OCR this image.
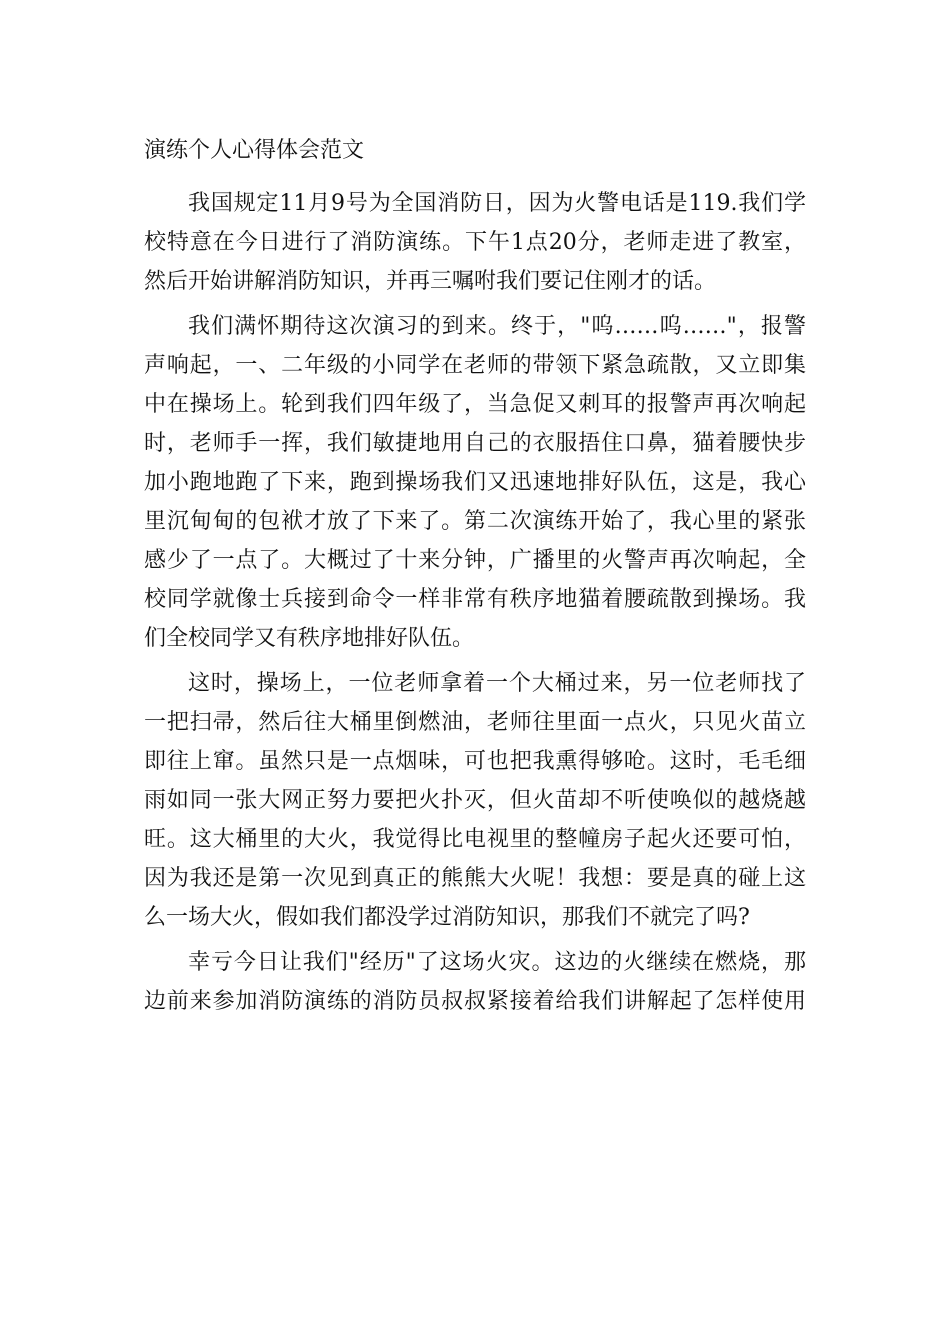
演练个人心得体会范文
我国规定11月9号为全国消防日，因为火警电话是119.我们学
校特意在今日进行了消防演练。下午1点20分，老师走进了教室，
然后开始讲解消防知识，并再三嘱咐我们要记住刚才的话。
我们满怀期待这次演习的到来。终于，"呜……呜……"，报警
声响起，一、二年级的小同学在老师的带领下紧急疏散，又立即集
中在操场上。轮到我们四年级了，当急促又刺耳的报警声再次响起
时，老师手一挥，我们敏捷地用自己的衣服捂住口鼻，猫着腰快步
加小跑地跑了下来，跑到操场我们又迅速地排好队伍，这是，我心
里沉甸甸的包袱才放了下来了。第二次演练开始了，我心里的紧张
感少了一点了。大概过了十来分钟，广播里的火警声再次响起，全
校同学就像士兵接到命令一样非常有秩序地猫着腰疏散到操场。我
们全校同学又有秩序地排好队伍。
这时，操场上，一位老师拿着一个大桶过来，另一位老师找了
一把扫帚，然后往大桶里倒燃油，老师往里面一点火，只见火苗立
即往上窜。虽然只是一点烟味，可也把我熏得够呛。这时，毛毛细
雨如同一张大网正努力要把火扑灭，但火苗却不听使唤似的越烧越
旺。这大桶里的大火，我觉得比电视里的整幢房子起火还要可怕，
因为我还是第一次见到真正的熊熊大火呢！我想：要是真的碰上这
么一场大火，假如我们都没学过消防知识，那我们不就完了吗?
幸亏今日让我们"经历"了这场火灾。这边的火继续在燃烧，那
边前来参加消防演练的消防员叔叔紧接着给我们讲解起了怎样使用
